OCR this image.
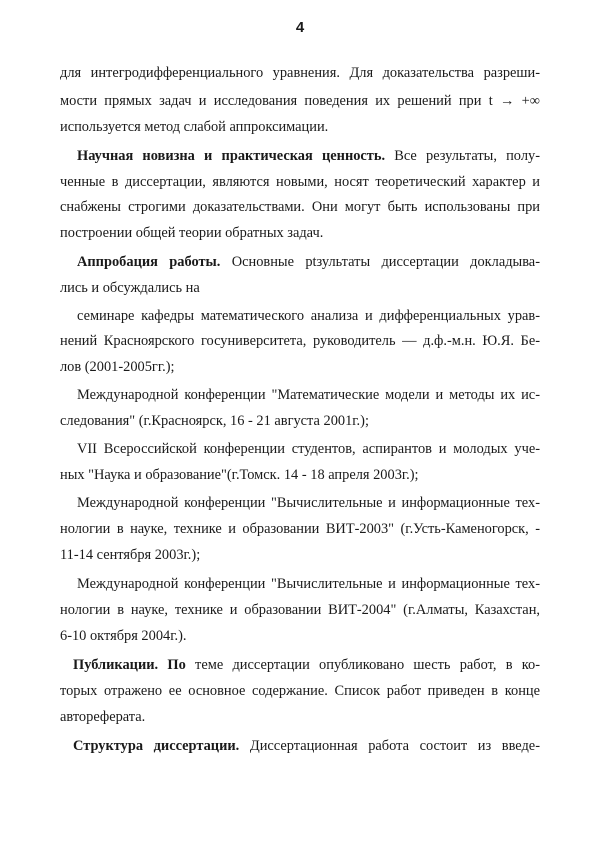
4
для интегродифференциального уравнения. Для доказательства разреши-
мости прямых задач и исследования поведения их решений при t → +∞
используется метод слабой аппроксимации.
Научная новизна и практическая ценность. Все результаты, полу-
ченные в диссертации, являются новыми, носят теоретический характер и
снабжены строгими доказательствами. Они могут быть использованы при
построении общей теории обратных задач.
Аппробация работы. Основные рtзультаты диссертации докладыва-
лись и обсуждались на
семинаре кафедры математического анализа и дифференциальных урав-
нений Красноярского госуниверситета, руководитель — д.ф.-м.н. Ю.Я. Бе-
лов (2001-2005гг.);
Международной конференции "Математические модели и методы их ис-
следования" (г.Красноярск, 16 - 21 августа 2001г.);
VII Всероссийской конференции студентов, аспирантов и молодых уче-
ных "Наука и образование"(г.Томск. 14 - 18 апреля 2003г.);
Международной конференции "Вычислительные и информационные тех-
нологии в науке, технике и образовании ВИТ-2003" (г.Усть-Каменогорск, -
11-14 сентября 2003г.);
Международной конференции "Вычислительные и информационные тех-
нологии в науке, технике и образовании ВИТ-2004" (г.Алматы, Казахстан,
6-10 октября 2004г.).
Публикации. По теме диссертации опубликовано шесть работ, в ко-
торых отражено ее основное содержание. Список работ приведен в конце
автореферата.
Структура диссертации. Диссертационная работа состоит из введе-
